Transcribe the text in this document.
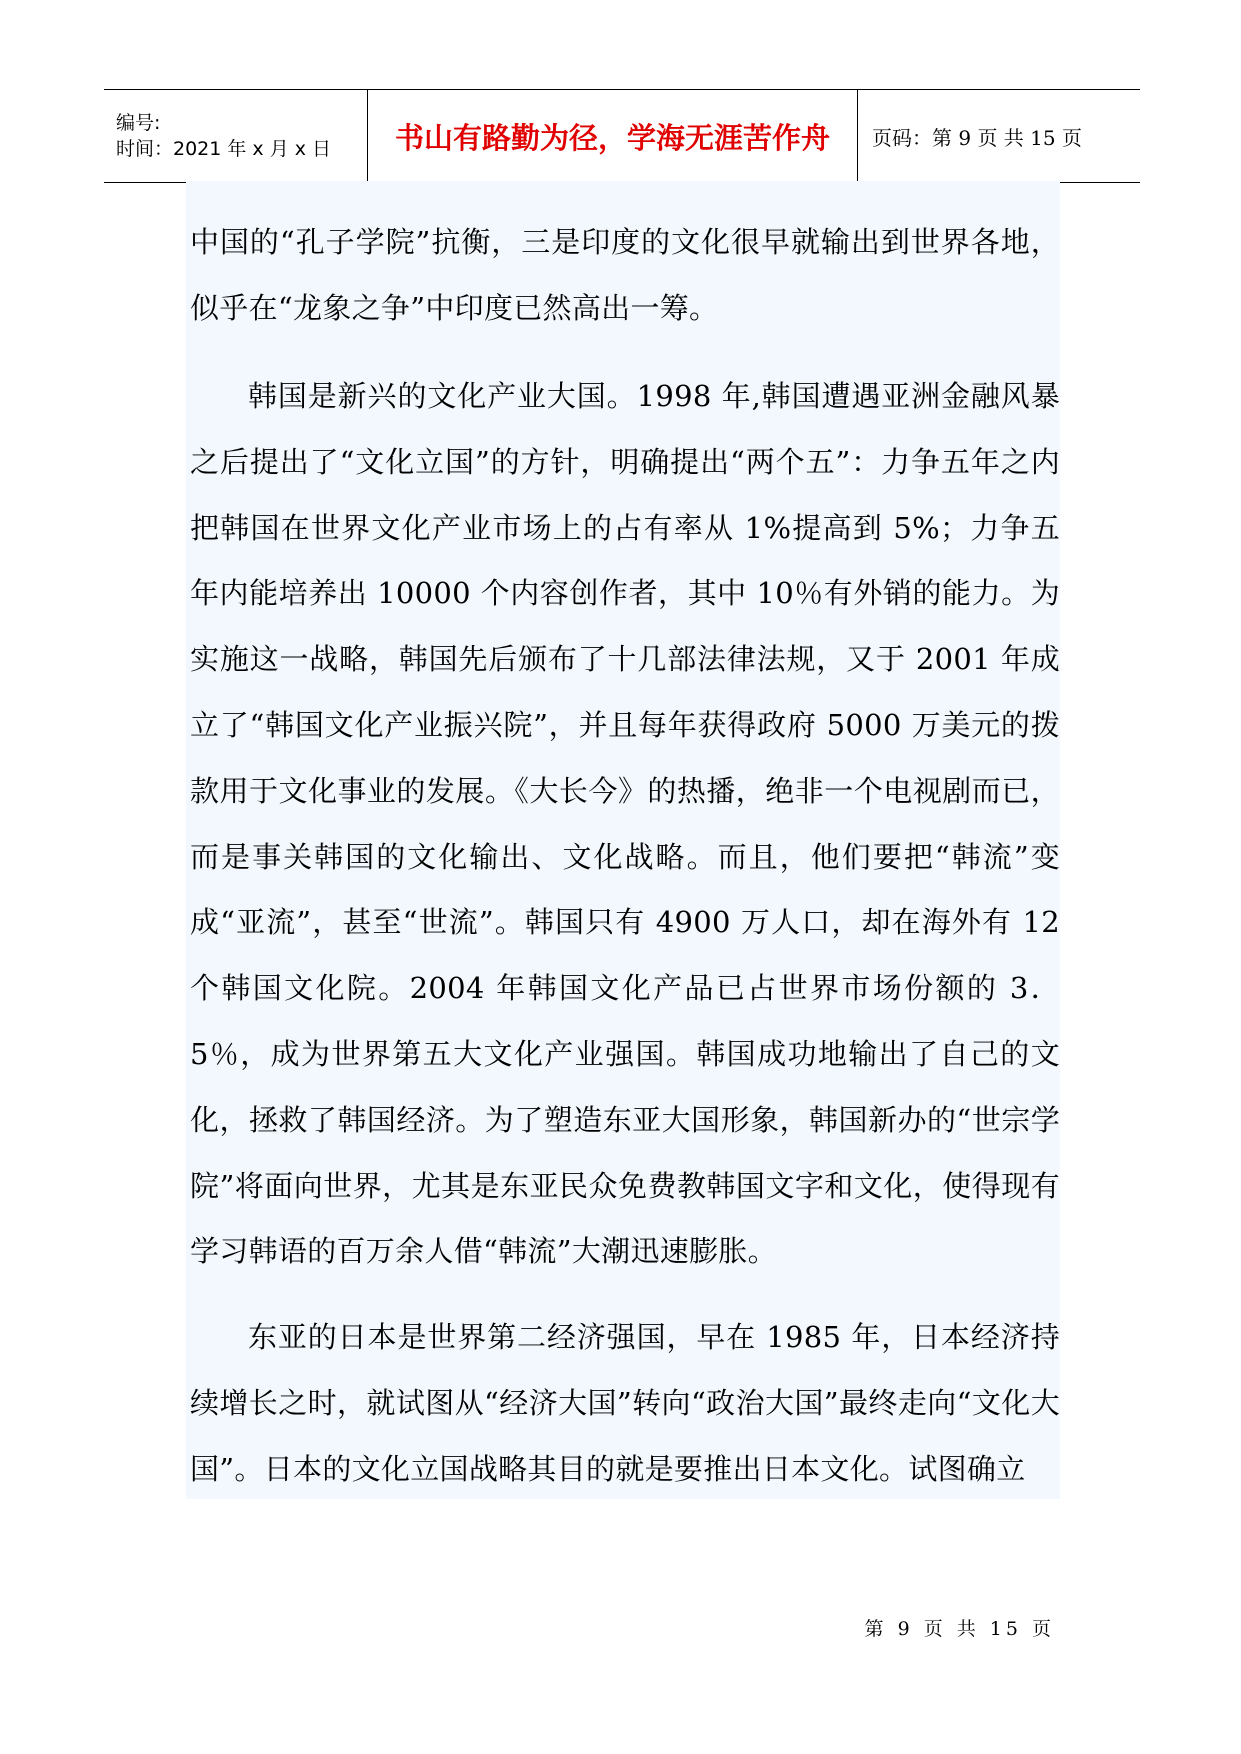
编号:
时间：2021 年 x 月 x 日	书山有路勤为径，学海无涯苦作舟	页码：第 9 页 共 15 页
中国的“孔子学院”抗衡，三是印度的文化很早就输出到世界各地，似乎在“龙象之争”中印度已然高出一筹。
韩国是新兴的文化产业大国。1998 年,韩国遭遇亚洲金融风暴之后提出了“文化立国”的方针，明确提出“两个五”：力争五年之内把韩国在世界文化产业市场上的占有率从 1%提高到 5%；力争五年内能培养出 10000 个内容创作者，其中 10％有外销的能力。为实施这一战略，韩国先后颁布了十几部法律法规，又于 2001 年成立了“韩国文化产业振兴院”，并且每年获得政府 5000 万美元的拨款用于文化事业的发展。《大长今》的热播，绝非一个电视剧而已，而是事关韩国的文化输出、文化战略。而且，他们要把“韩流”变成“亚流”，甚至“世流”。韩国只有 4900 万人口，却在海外有 12 个韩国文化院。2004 年韩国文化产品已占世界市场份额的 3．5％，成为世界第五大文化产业强国。韩国成功地输出了自己的文化，拯救了韩国经济。为了塑造东亚大国形象，韩国新办的“世宗学院”将面向世界，尤其是东亚民众免费教韩国文字和文化，使得现有学习韩语的百万余人借“韩流”大潮迅速膨胀。
东亚的日本是世界第二经济强国，早在 1985 年，日本经济持续增长之时，就试图从“经济大国”转向“政治大国”最终走向“文化大国”。日本的文化立国战略其目的就是要推出日本文化。试图确立
第 9 页 共 15 页
